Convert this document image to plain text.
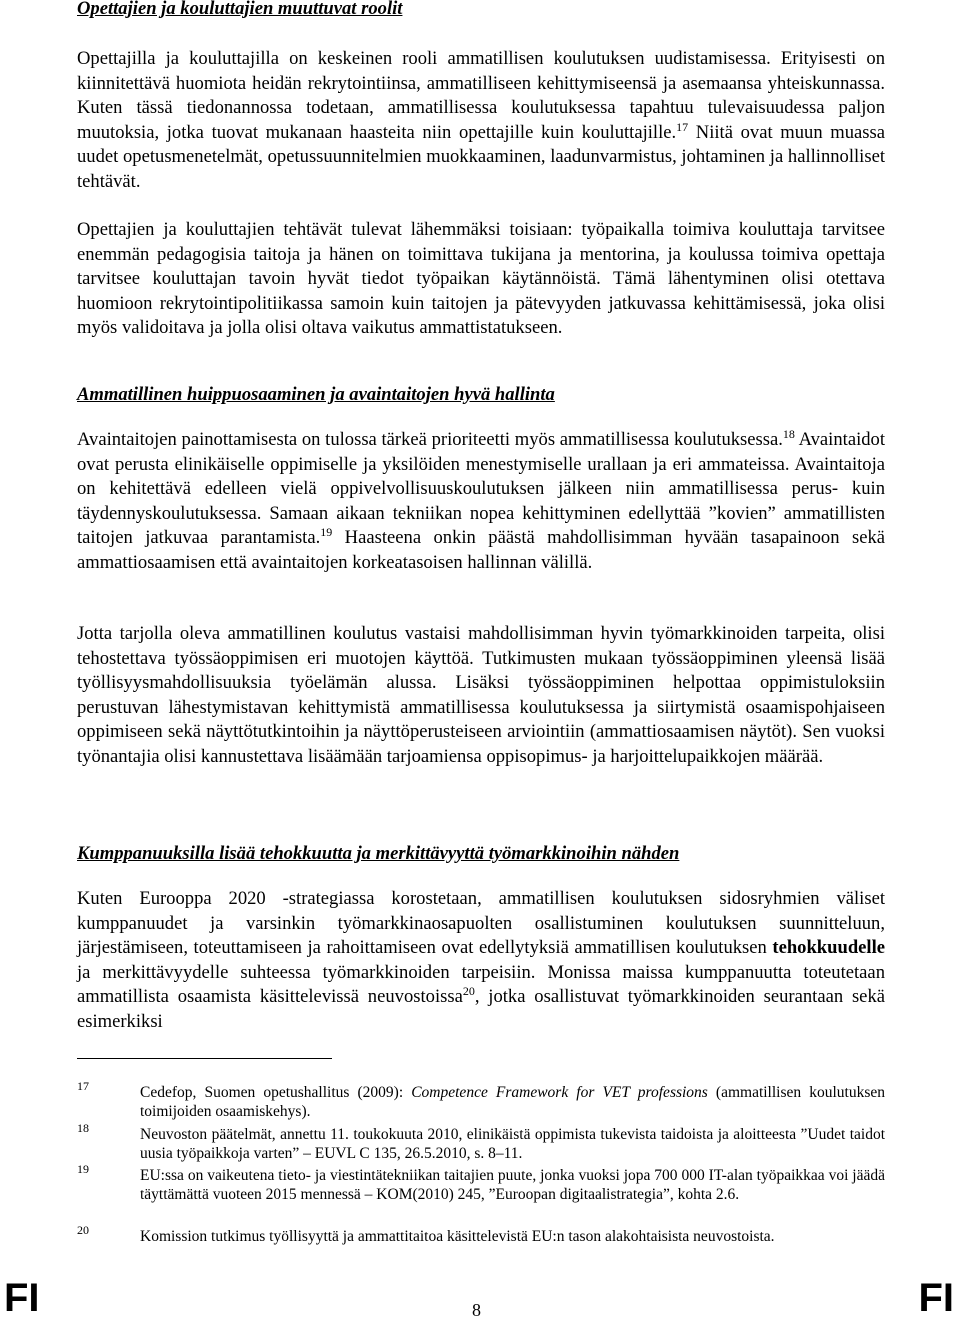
Opettajien ja kouluttajien muuttuvat roolit

Opettajilla ja kouluttajilla on keskeinen rooli ammatillisen koulutuksen uudistamisessa. Erityisesti on kiinnitettävä huomiota heidän rekrytointiinsa, ammatilliseen kehittymiseensä ja asemaansa yhteiskunnassa. Kuten tässä tiedonannossa todetaan, ammatillisessa koulutuksessa tapahtuu tulevaisuudessa paljon muutoksia, jotka tuovat mukanaan haasteita niin opettajille kuin kouluttajille.$^{17}$ Niitä ovat muun muassa uudet opetusmenetelmät, opetussuunnitelmien muokkaaminen, laadunvarmistus, johtaminen ja hallinnolliset tehtävät.

Opettajien ja kouluttajien tehtävät tulevat lähemmäksi toisiaan: työpaikalla toimiva kouluttaja tarvitsee enemmän pedagogisia taitoja ja hänen on toimittava tukijana ja mentorina, ja koulussa toimiva opettaja tarvitsee kouluttajan tavoin hyvät tiedot työpaikan käytännöistä. Tämä lähentyminen olisi otettava huomioon rekrytointipolitiikassa samoin kuin taitojen ja pätevyyden jatkuvassa kehittämisessä, joka olisi myös validoitava ja jolla olisi oltava vaikutus ammattistatukseen.

Ammatillinen huippuosaaminen ja avaintaitojen hyvä hallinta

Avaintaitojen painottamisesta on tulossa tärkeä prioriteetti myös ammatillisessa koulutuksessa.$^{18}$ Avaintaidot ovat perusta elinikäiselle oppimiselle ja yksilöiden menestymiselle urallaan ja eri ammateissa. Avaintaitoja on kehitettävä edelleen vielä oppivelvollisuuskoulutuksen jälkeen niin ammatillisessa perus- kuin täydennyskoulutuksessa. Samaan aikaan tekniikan nopea kehittyminen edellyttää ”kovien” ammatillisten taitojen jatkuvaa parantamista.$^{19}$ Haasteena onkin päästä mahdollisimman hyvään tasapainoon sekä ammattiosaamisen että avaintaitojen korkeatasoisen hallinnan välillä.

Jotta tarjolla oleva ammatillinen koulutus vastaisi mahdollisimman hyvin työmarkkinoiden tarpeita, olisi tehostettava työssäoppimisen eri muotojen käyttöä. Tutkimusten mukaan työssäoppiminen yleensä lisää työllisyysmahdollisuuksia työelämän alussa. Lisäksi työssäoppiminen helpottaa oppimistuloksiin perustuvan lähestymistavan kehittymistä ammatillisessa koulutuksessa ja siirtymistä osaamispohjaiseen oppimiseen sekä näyttötutkintoihin ja näyttöperusteiseen arviointiin (ammattiosaamisen näytöt). Sen vuoksi työnantajia olisi kannustettava lisäämään tarjoamiensa oppisopimus- ja harjoittelupaikkojen määrää.

Kumppanuuksilla lisää tehokkuutta ja merkittävyyttä työmarkkinoihin nähden

Kuten Eurooppa 2020 -strategiassa korostetaan, ammatillisen koulutuksen sidosryhmien väliset kumppanuudet ja varsinkin työmarkkinaosapuolten osallistuminen koulutuksen suunnitteluun, järjestämiseen, toteuttamiseen ja rahoittamiseen ovat edellytyksiä ammatillisen koulutuksen tehokkuudelle ja merkittävyydelle suhteessa työmarkkinoiden tarpeisiin. Monissa maissa kumppanuutta toteutetaan ammatillista osaamista käsittelevissä neuvostoissa$^{20}$, jotka osallistuvat työmarkkinoiden seurantaan sekä esimerkiksi

17	Cedefop, Suomen opetushallitus (2009): Competence Framework for VET professions (ammatillisen koulutuksen toimijoiden osaamiskehys).
18	Neuvoston päätelmät, annettu 11. toukokuuta 2010, elinikäistä oppimista tukevista taidoista ja aloitteesta ”Uudet taidot uusia työpaikkoja varten” – EUVL C 135, 26.5.2010, s. 8–11.
19	EU:ssa on vaikeutena tieto- ja viestintätekniikan taitajien puute, jonka vuoksi jopa 700 000 IT-alan työpaikkaa voi jäädä täyttämättä vuoteen 2015 mennessä – KOM(2010) 245, ”Euroopan digitaalistrategia”, kohta 2.6.
20	Komission tutkimus työllisyyttä ja ammattitaitoa käsittelevistä EU:n tason alakohtaisista neuvostoista.
FI	FI
8
